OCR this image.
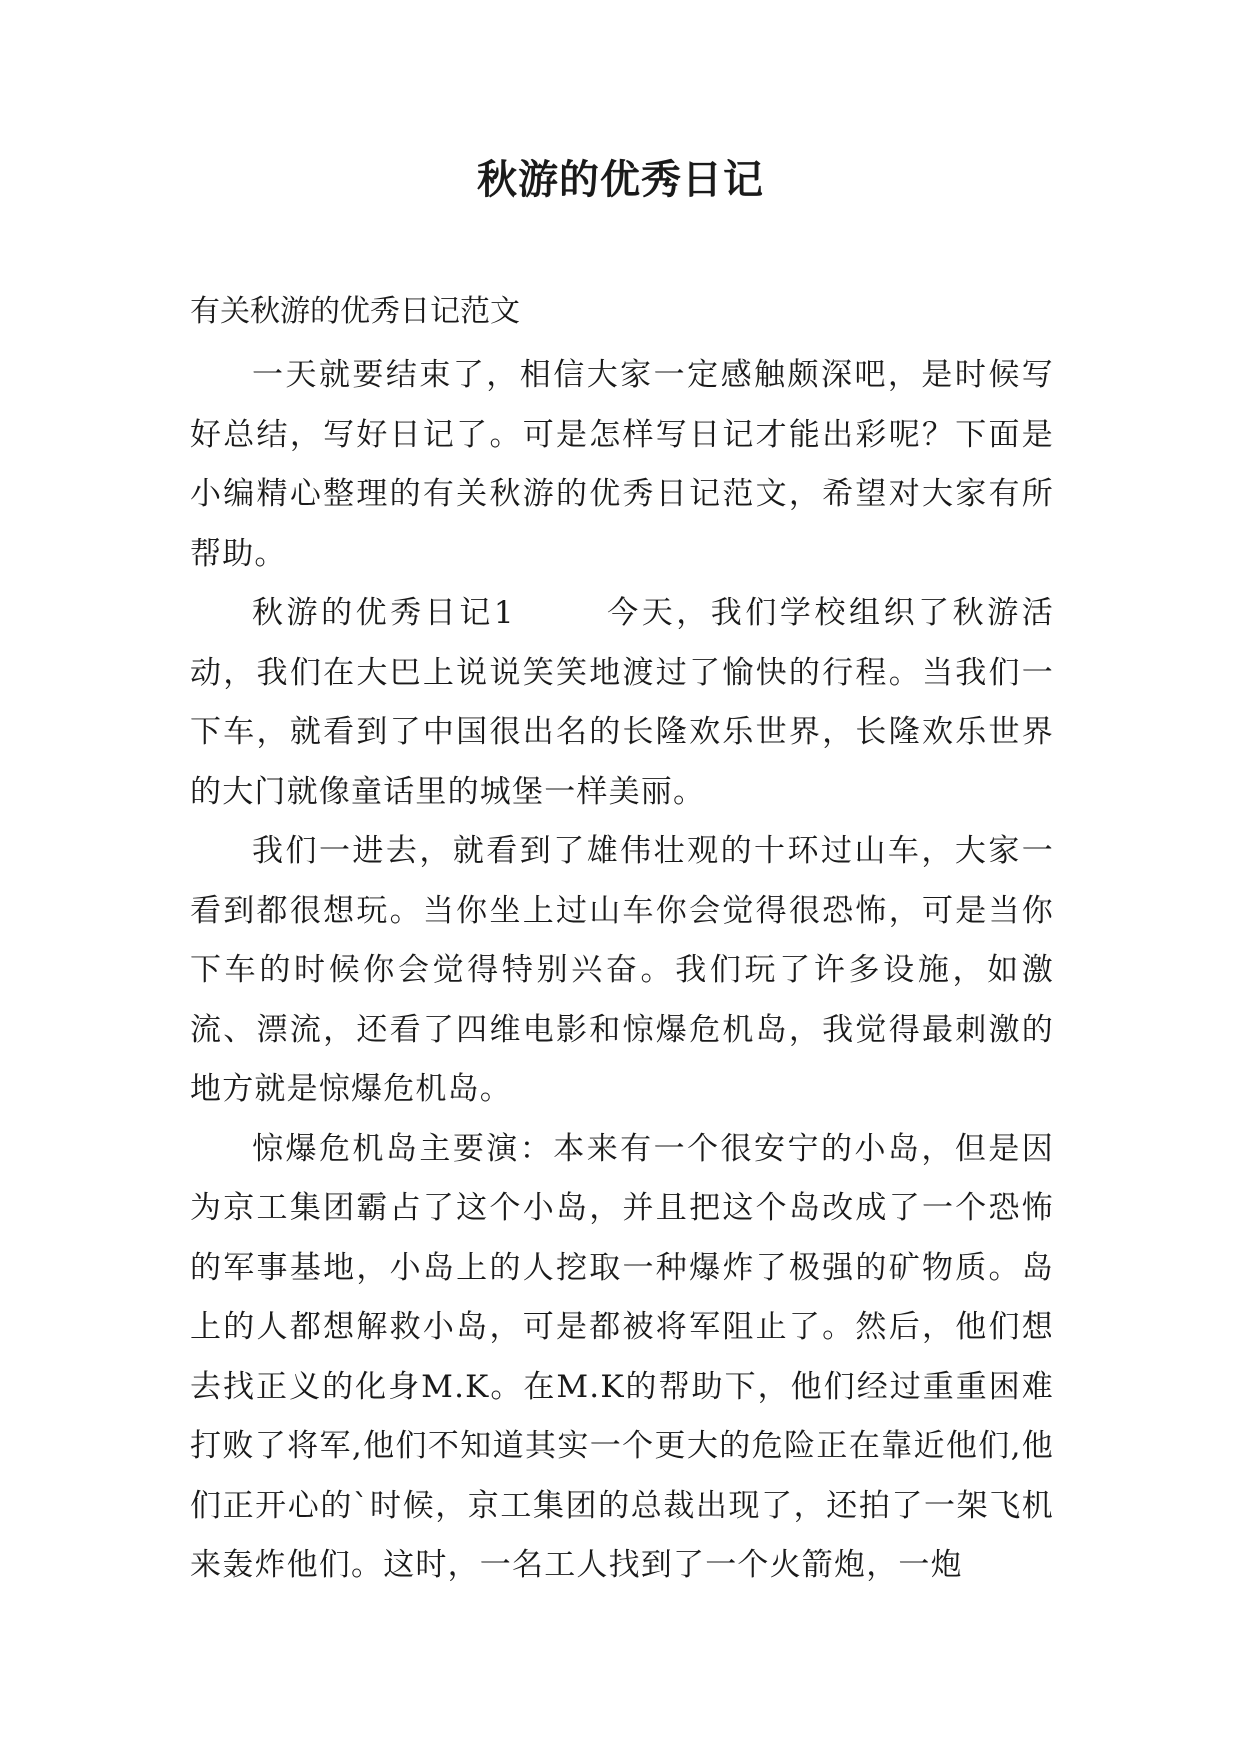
秋游的优秀日记
有关秋游的优秀日记范文

一天就要结束了，相信大家一定感触颇深吧，是时候写好总结，写好日记了。可是怎样写日记才能出彩呢？下面是小编精心整理的有关秋游的优秀日记范文，希望对大家有所帮助。

秋游的优秀日记1	今天，我们学校组织了秋游活动，我们在大巴上说说笑笑地渡过了愉快的行程。当我们一下车，就看到了中国很出名的长隆欢乐世界，长隆欢乐世界的大门就像童话里的城堡一样美丽。

我们一进去，就看到了雄伟壮观的十环过山车，大家一看到都很想玩。当你坐上过山车你会觉得很恐怖，可是当你下车的时候你会觉得特别兴奋。我们玩了许多设施，如激流、漂流，还看了四维电影和惊爆危机岛，我觉得最刺激的地方就是惊爆危机岛。

惊爆危机岛主要演：本来有一个很安宁的小岛，但是因为京工集团霸占了这个小岛，并且把这个岛改成了一个恐怖的军事基地，小岛上的人挖取一种爆炸了极强的矿物质。岛上的人都想解救小岛，可是都被将军阻止了。然后，他们想去找正义的化身M.K。在M.K的帮助下，他们经过重重困难打败了将军,他们不知道其实一个更大的危险正在靠近他们,他们正开心的`时候，京工集团的总裁出现了，还拍了一架飞机来轰炸他们。这时，一名工人找到了一个火箭炮，一炮
